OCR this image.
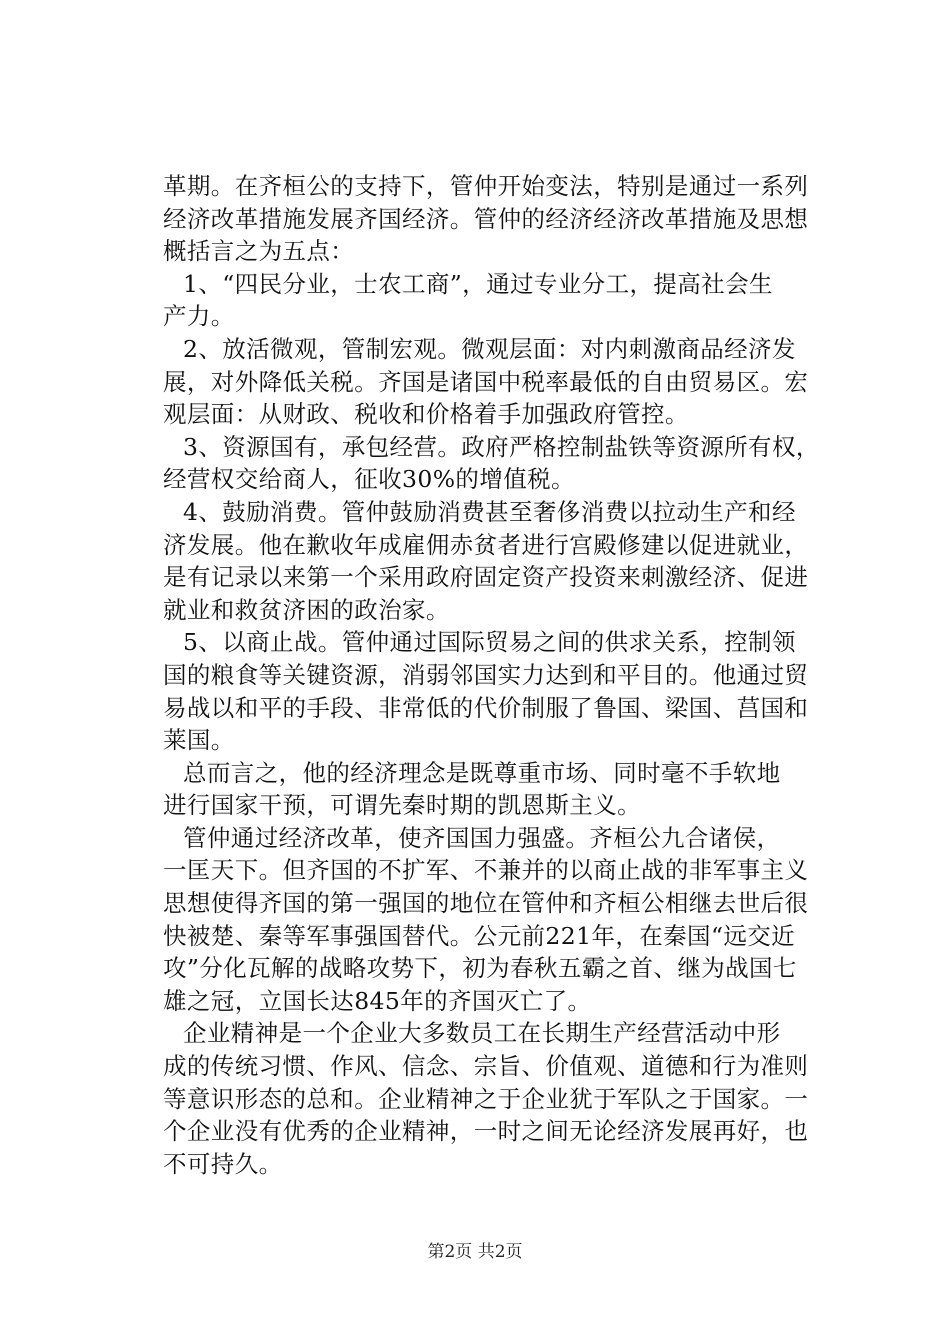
革期。在齐桓公的支持下，管仲开始变法，特别是通过一系列
经济改革措施发展齐国经济。管仲的经济经济改革措施及思想
概括言之为五点：
1、“四民分业，士农工商”，通过专业分工，提高社会生
产力。
2、放活微观，管制宏观。微观层面：对内刺激商品经济发
展，对外降低关税。齐国是诸国中税率最低的自由贸易区。宏
观层面：从财政、税收和价格着手加强政府管控。
3、资源国有，承包经营。政府严格控制盐铁等资源所有权，
经营权交给商人，征收30%的增值税。
4、鼓励消费。管仲鼓励消费甚至奢侈消费以拉动生产和经
济发展。他在歉收年成雇佣赤贫者进行宫殿修建以促进就业，
是有记录以来第一个采用政府固定资产投资来刺激经济、促进
就业和救贫济困的政治家。
5、以商止战。管仲通过国际贸易之间的供求关系，控制领
国的粮食等关键资源，消弱邻国实力达到和平目的。他通过贸
易战以和平的手段、非常低的代价制服了鲁国、梁国、莒国和
莱国。
总而言之，他的经济理念是既尊重市场、同时毫不手软地
进行国家干预，可谓先秦时期的凯恩斯主义。
管仲通过经济改革，使齐国国力强盛。齐桓公九合诸侯，
一匡天下。但齐国的不扩军、不兼并的以商止战的非军事主义
思想使得齐国的第一强国的地位在管仲和齐桓公相继去世后很
快被楚、秦等军事强国替代。公元前221年，在秦国“远交近
攻”分化瓦解的战略攻势下，初为春秋五霸之首、继为战国七
雄之冠，立国长达845年的齐国灭亡了。
企业精神是一个企业大多数员工在长期生产经营活动中形
成的传统习惯、作风、信念、宗旨、价值观、道德和行为准则
等意识形态的总和。企业精神之于企业犹于军队之于国家。一
个企业没有优秀的企业精神，一时之间无论经济发展再好，也
不可持久。
第2页 共2页
